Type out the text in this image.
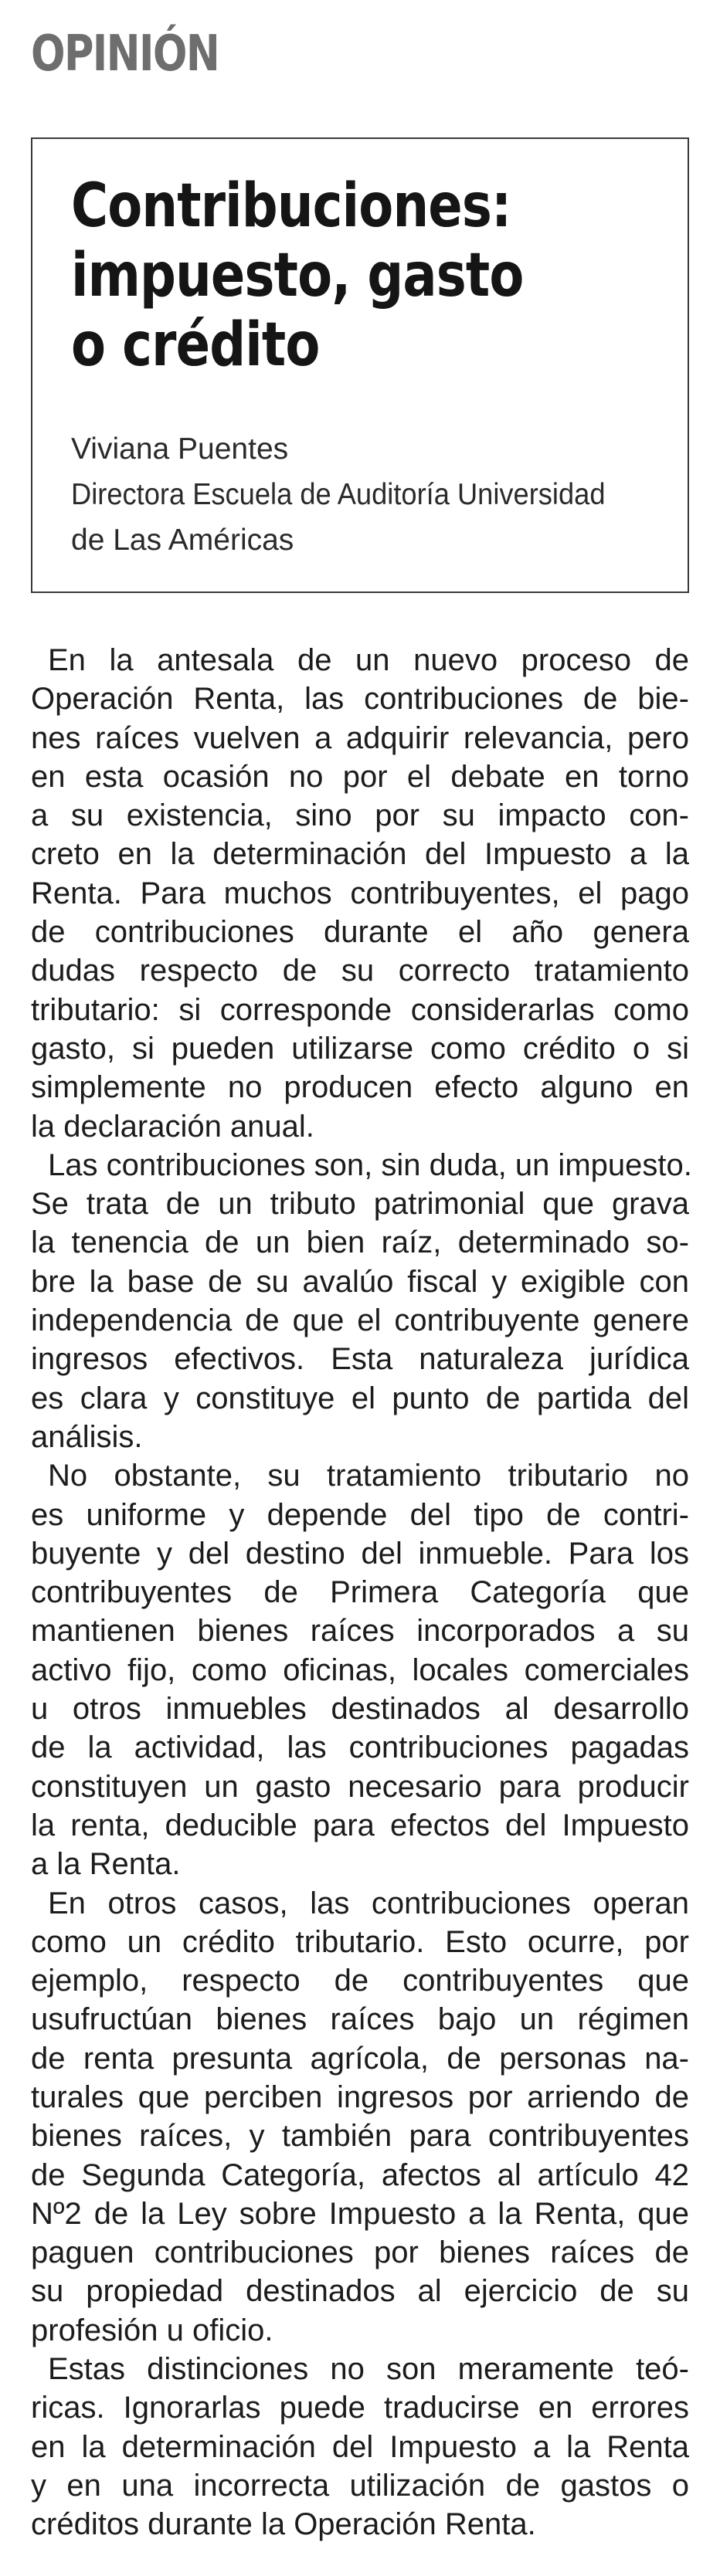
OPINIÓN
Contribuciones:
impuesto, gasto
o crédito
Viviana Puentes
Directora Escuela de Auditoría Universidad
de Las Américas
En la antesala de un nuevo proceso de
Operación Renta, las contribuciones de bie-
nes raíces vuelven a adquirir relevancia, pero
en esta ocasión no por el debate en torno
a su existencia, sino por su impacto con-
creto en la determinación del Impuesto a la
Renta. Para muchos contribuyentes, el pago
de contribuciones durante el año genera
dudas respecto de su correcto tratamiento
tributario: si corresponde considerarlas como
gasto, si pueden utilizarse como crédito o si
simplemente no producen efecto alguno en
la declaración anual.
Las contribuciones son, sin duda, un impuesto.
Se trata de un tributo patrimonial que grava
la tenencia de un bien raíz, determinado so-
bre la base de su avalúo fiscal y exigible con
independencia de que el contribuyente genere
ingresos efectivos. Esta naturaleza jurídica
es clara y constituye el punto de partida del
análisis.
No obstante, su tratamiento tributario no
es uniforme y depende del tipo de contri-
buyente y del destino del inmueble. Para los
contribuyentes de Primera Categoría que
mantienen bienes raíces incorporados a su
activo fijo, como oficinas, locales comerciales
u otros inmuebles destinados al desarrollo
de la actividad, las contribuciones pagadas
constituyen un gasto necesario para producir
la renta, deducible para efectos del Impuesto
a la Renta.
En otros casos, las contribuciones operan
como un crédito tributario. Esto ocurre, por
ejemplo, respecto de contribuyentes que
usufructúan bienes raíces bajo un régimen
de renta presunta agrícola, de personas na-
turales que perciben ingresos por arriendo de
bienes raíces, y también para contribuyentes
de Segunda Categoría, afectos al artículo 42
Nº2 de la Ley sobre Impuesto a la Renta, que
paguen contribuciones por bienes raíces de
su propiedad destinados al ejercicio de su
profesión u oficio.
Estas distinciones no son meramente teó-
ricas. Ignorarlas puede traducirse en errores
en la determinación del Impuesto a la Renta
y en una incorrecta utilización de gastos o
créditos durante la Operación Renta.
